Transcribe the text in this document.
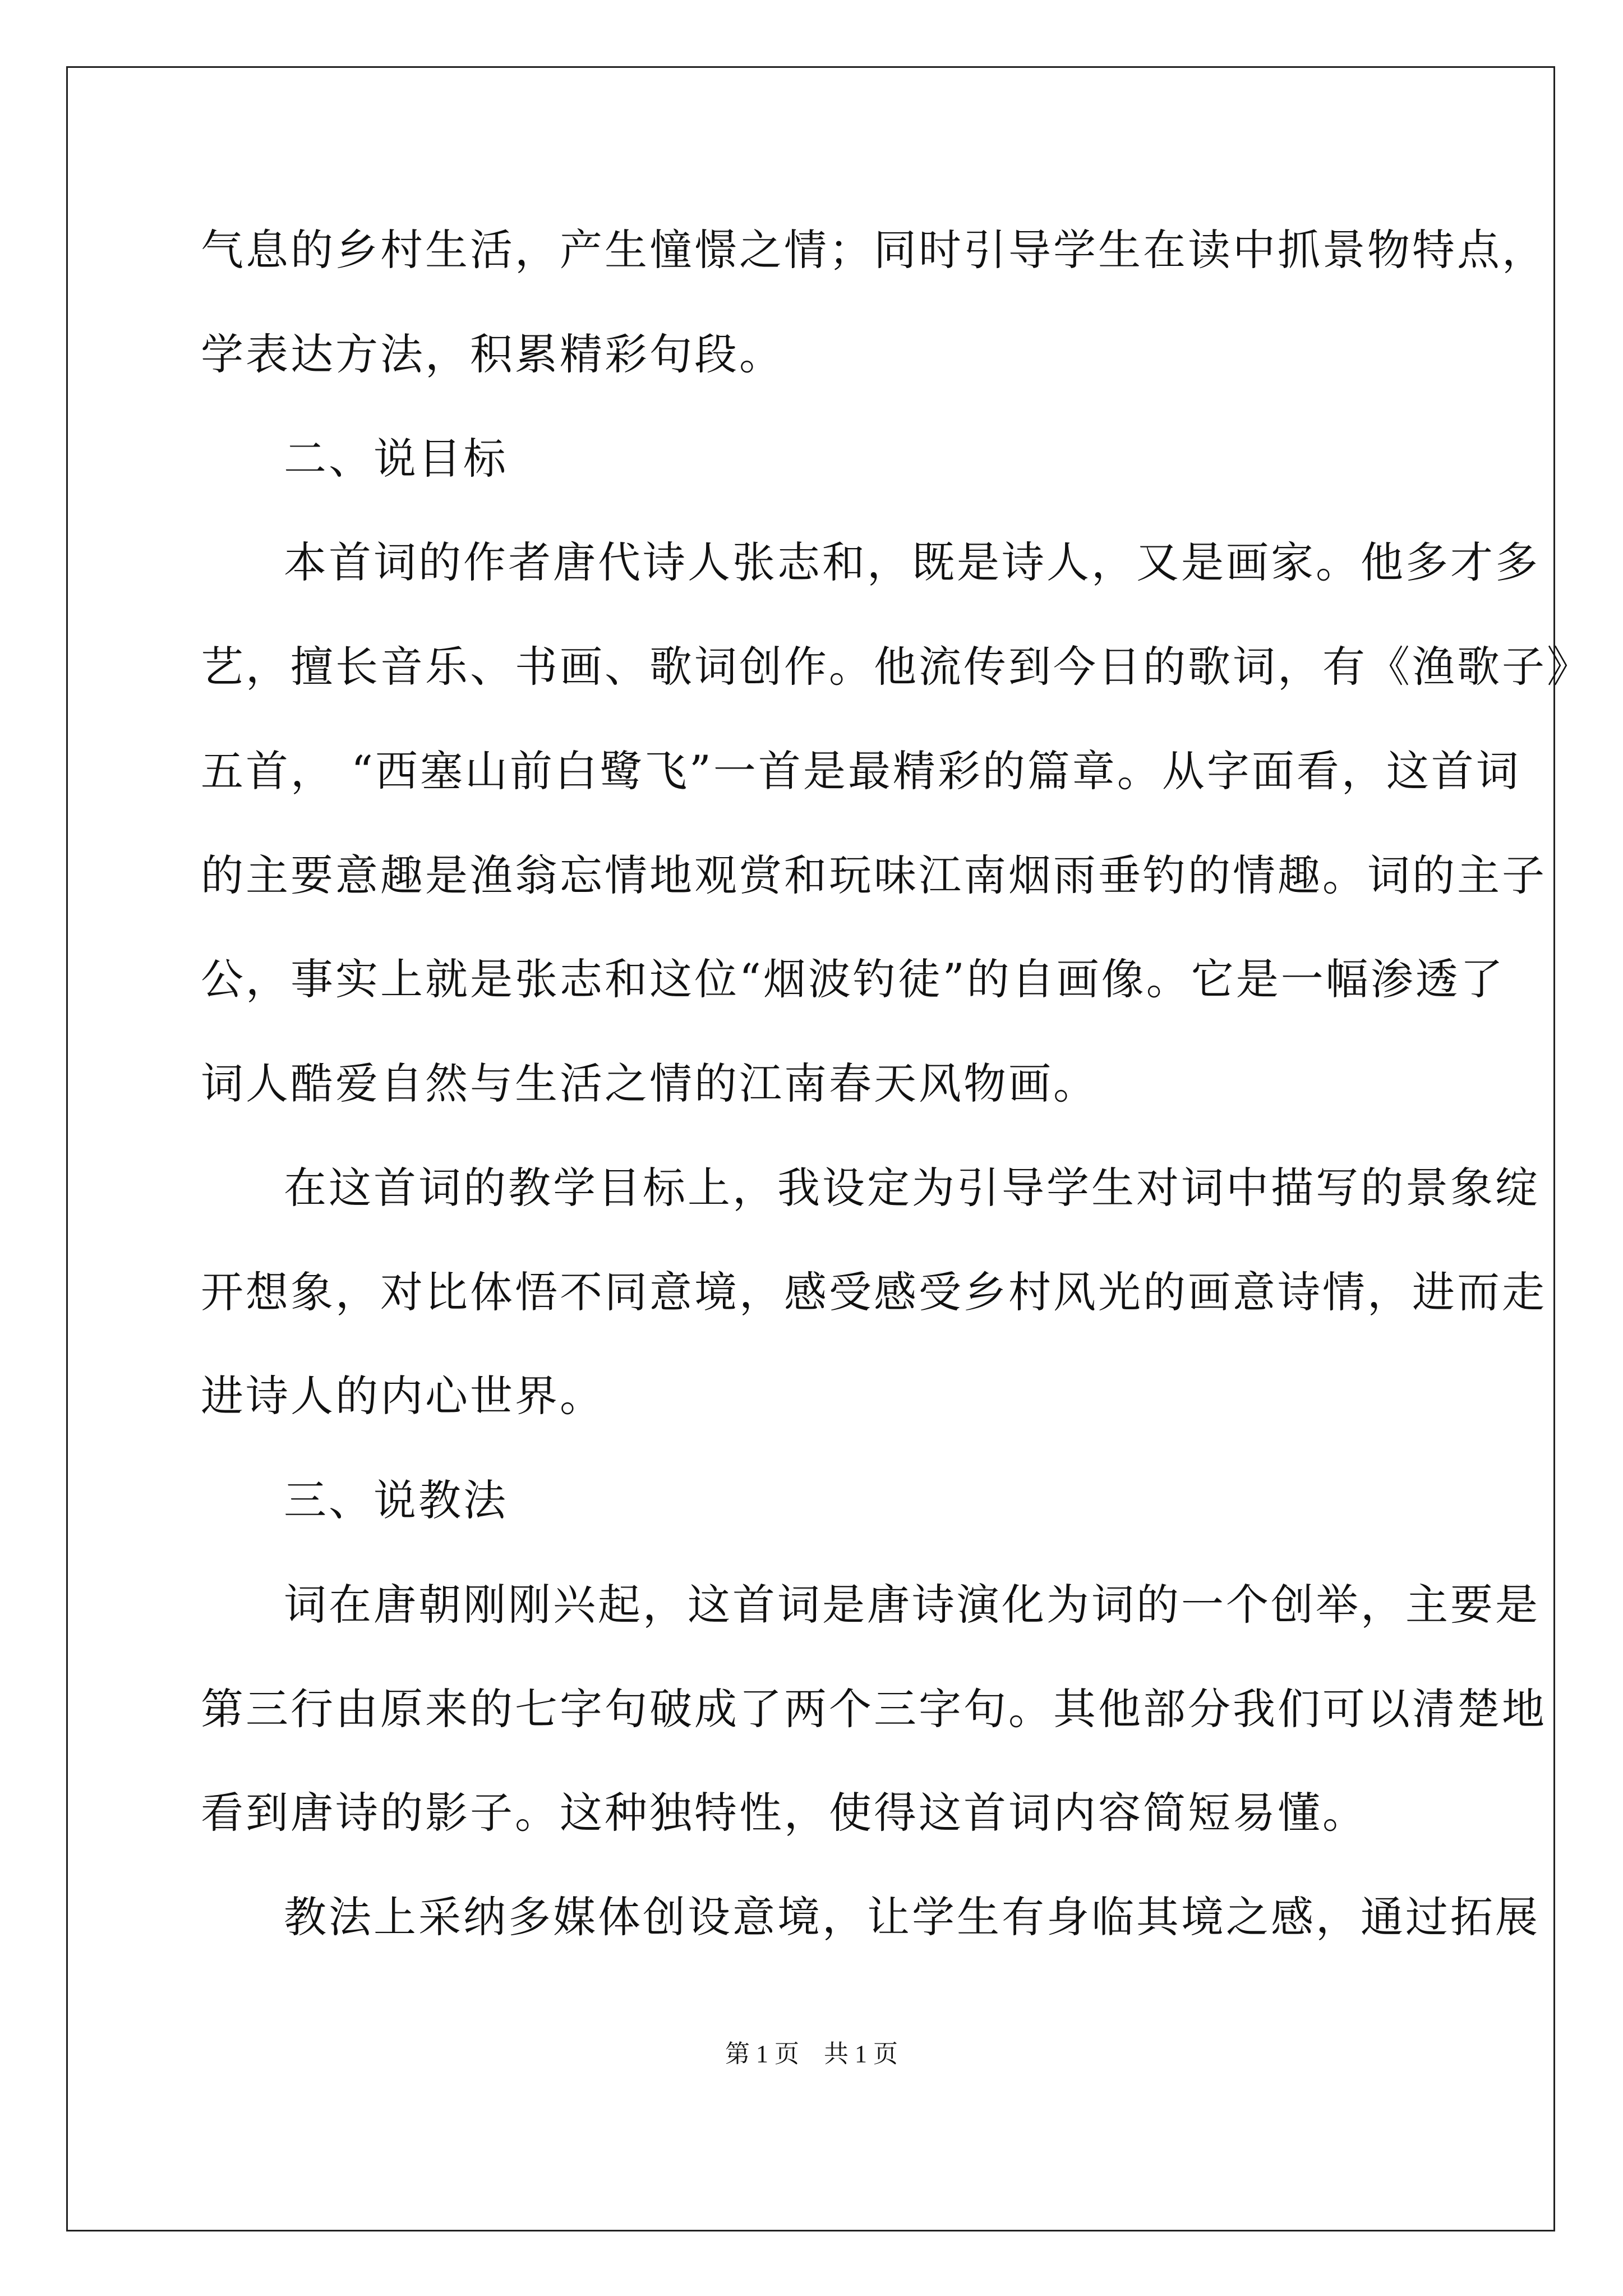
气息的乡村生活，产生憧憬之情；同时引导学生在读中抓景物特点，
学表达方法，积累精彩句段。
二、说目标
本首词的作者唐代诗人张志和，既是诗人，又是画家。他多才多
艺，擅长音乐、书画、歌词创作。他流传到今日的歌词，有《渔歌子》
五首， “西塞山前白鹭飞”一首是最精彩的篇章。从字面看，这首词
的主要意趣是渔翁忘情地观赏和玩味江南烟雨垂钓的情趣。词的主子
公，事实上就是张志和这位“烟波钓徒”的自画像。它是一幅渗透了
词人酷爱自然与生活之情的江南春天风物画。
在这首词的教学目标上，我设定为引导学生对词中描写的景象绽
开想象，对比体悟不同意境，感受感受乡村风光的画意诗情，进而走
进诗人的内心世界。
三、说教法
词在唐朝刚刚兴起，这首词是唐诗演化为词的一个创举，主要是
第三行由原来的七字句破成了两个三字句。其他部分我们可以清楚地
看到唐诗的影子。这种独特性，使得这首词内容简短易懂。
教法上采纳多媒体创设意境，让学生有身临其境之感，通过拓展
第 1 页　共 1 页
